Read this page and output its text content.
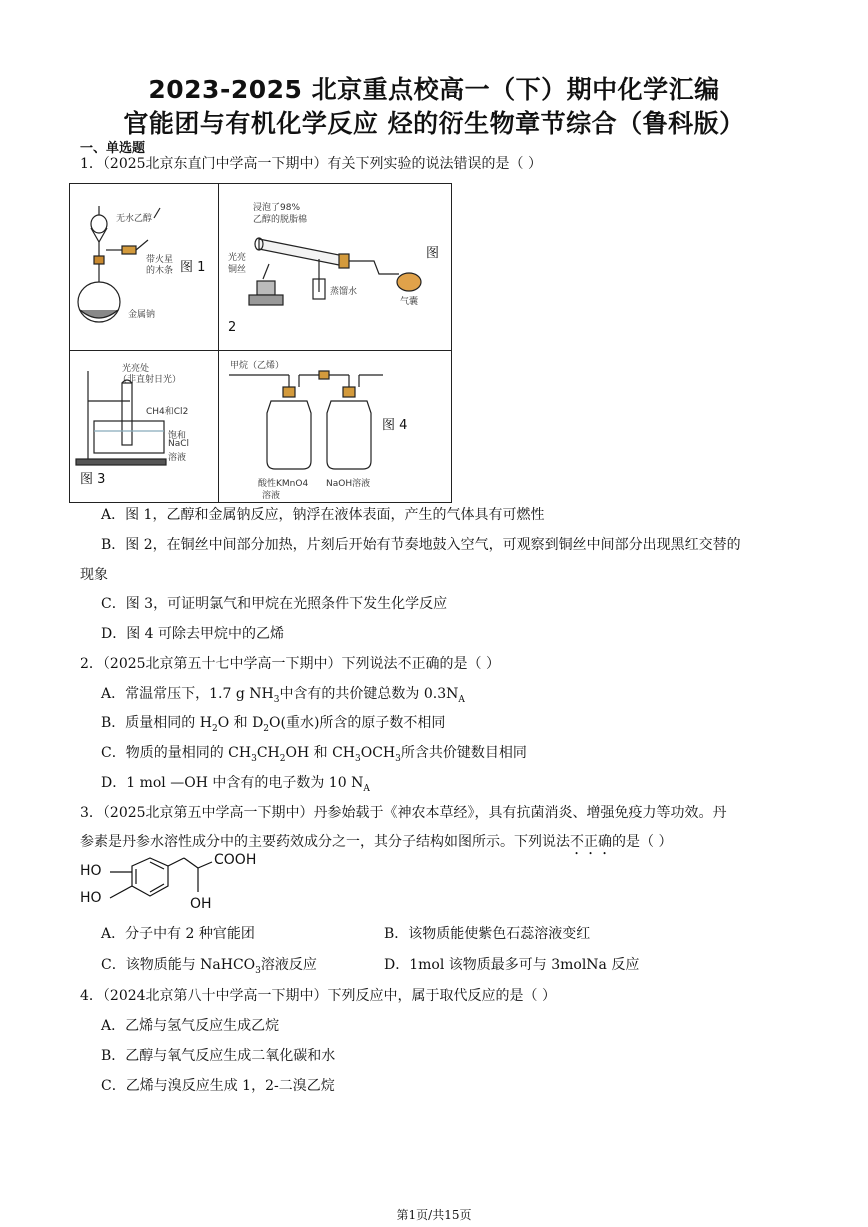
2023-2025 北京重点校高一（下）期中化学汇编
官能团与有机化学反应 烃的衍生物章节综合（鲁科版）
一、单选题
1．（2025北京东直门中学高一下期中）有关下列实验的说法错误的是（ ）
无水乙醇
带火星
的木条
金属钠
图 1
浸泡了98%
乙醇的脱脂棉
光亮
铜丝
蒸馏水
气囊
图
2
光亮处
（非直射日光）
CH4和Cl2
饱和
NaCl
溶液
图 3
甲烷（乙烯）
酸性KMnO4
溶液
NaOH溶液
图 4
A．图 1，乙醇和金属钠反应，钠浮在液体表面，产生的气体具有可燃性
B．图 2，在铜丝中间部分加热，片刻后开始有节奏地鼓入空气，可观察到铜丝中间部分出现黑红交替的
现象
C．图 3，可证明氯气和甲烷在光照条件下发生化学反应
D．图 4 可除去甲烷中的乙烯
2．（2025北京第五十七中学高一下期中）下列说法不正确的是（ ）
A．常温常压下，1.7 g $NH_3$中含有的共价键总数为 $0.3N_A$
B．质量相同的 $H_2O$ 和 $D_2O$(重水)所含的原子数不相同
C．物质的量相同的 $CH_3CH_2OH$ 和 $CH_3OCH_3$所含共价键数目相同
D．1 mol —OH 中含有的电子数为 10 $N_A$
3．（2025北京第五中学高一下期中）丹参始载于《神农本草经》，具有抗菌消炎、增强免疫力等功效。丹
参素是丹参水溶性成分中的主要药效成分之一，其分子结构如图所示。下列说法不正确的是（ ）
HO
HO
COOH
OH
A．分子中有 2 种官能团	B．该物质能使紫色石蕊溶液变红
C．该物质能与 NaHCO$_3$溶液反应	D．1mol 该物质最多可与 3molNa 反应
4．（2024北京第八十中学高一下期中）下列反应中，属于取代反应的是（ ）
A．乙烯与氢气反应生成乙烷
B．乙醇与氧气反应生成二氧化碳和水
C．乙烯与溴反应生成 1，2-二溴乙烷
第1页/共15页
